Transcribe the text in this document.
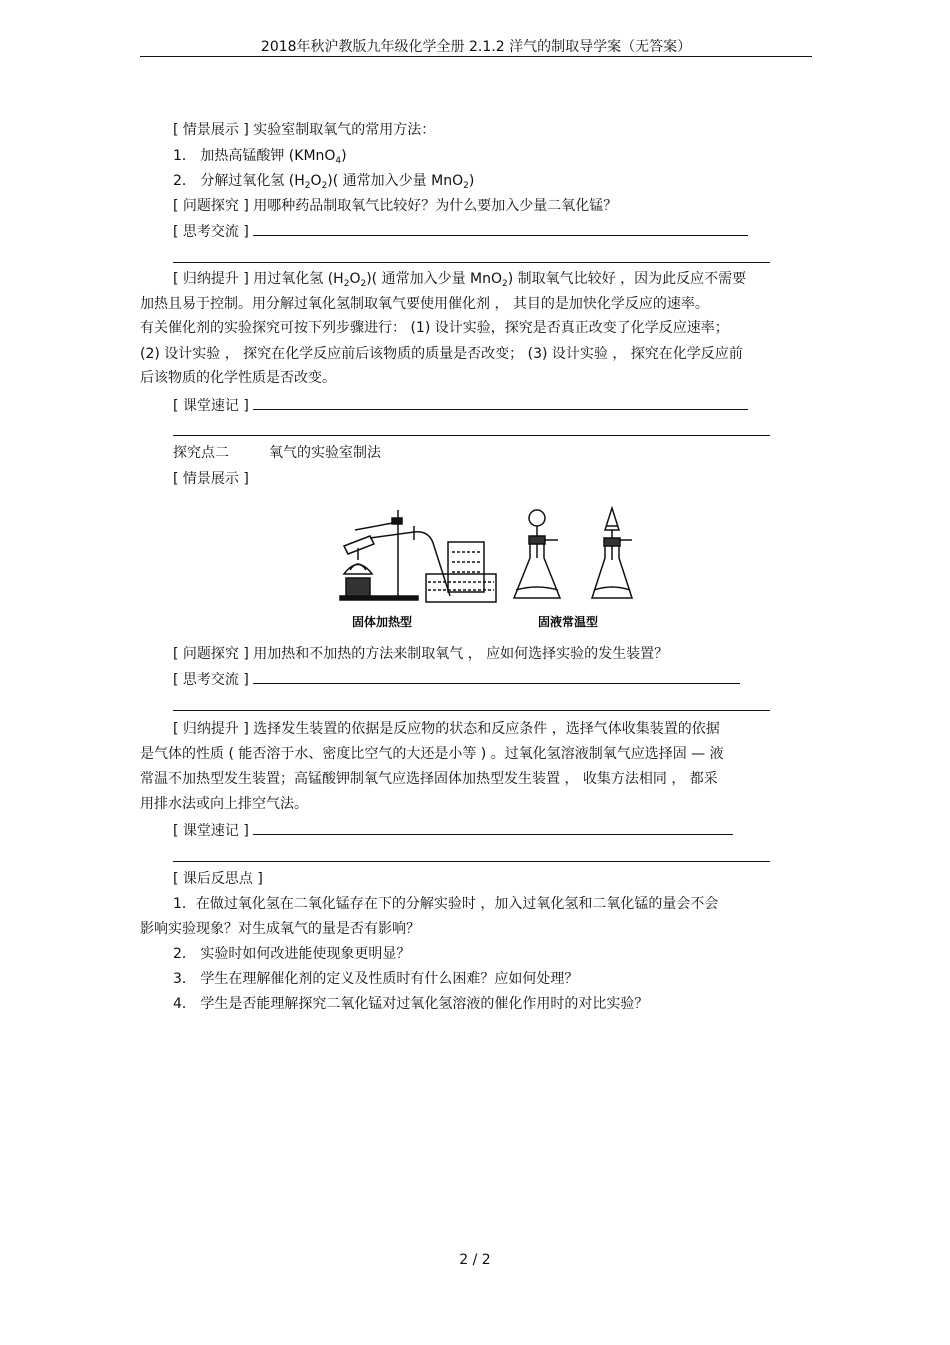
2018年秋沪教版九年级化学全册 2.1.2 洋气的制取导学案（无答案）
[ 情景展示 ] 实验室制取氧气的常用方法：
1． 加热高锰酸钾 (KMnO$_4$)
2． 分解过氧化氢 $(H_2O_2)$( 通常加入少量 MnO$_2$)
[ 问题探究 ] 用哪种药品制取氧气比较好？为什么要加入少量二氧化锰？
[ 思考交流 ]
[ 归纳提升 ] 用过氧化氢 $(H_2O_2)$( 通常加入少量 MnO$_2$) 制取氧气比较好 ，因为此反应不需要
加热且易于控制。用分解过氧化氢制取氧气要使用催化剂 ， 其目的是加快化学反应的速率。
有关催化剂的实验探究可按下列步骤进行： (1) 设计实验，探究是否真正改变了化学反应速率；
(2) 设计实验 ， 探究在化学反应前后该物质的质量是否改变； (3) 设计实验 ， 探究在化学反应前
后该物质的化学性质是否改变。
[ 课堂速记 ]
探究点二	氧气的实验室制法
[ 情景展示 ]
固体加热型	固液常温型
[ 问题探究 ] 用加热和不加热的方法来制取氧气 ， 应如何选择实验的发生装置？
[ 思考交流 ]
[ 归纳提升 ] 选择发生装置的依据是反应物的状态和反应条件 ，选择气体收集装置的依据
是气体的性质 ( 能否溶于水、密度比空气的大还是小等 ) 。过氧化氢溶液制氧气应选择固 — 液
常温不加热型发生装置；高锰酸钾制氧气应选择固体加热型发生装置 ， 收集方法相同 ， 都采
用排水法或向上排空气法。
[ 课堂速记 ]
[ 课后反思点 ]
1．在做过氧化氢在二氧化锰存在下的分解实验时 ，加入过氧化氢和二氧化锰的量会不会
影响实验现象？对生成氧气的量是否有影响？
2． 实验时如何改进能使现象更明显？
3． 学生在理解催化剂的定义及性质时有什么困难？应如何处理？
4． 学生是否能理解探究二氧化锰对过氧化氢溶液的催化作用时的对比实验？
2 / 2
